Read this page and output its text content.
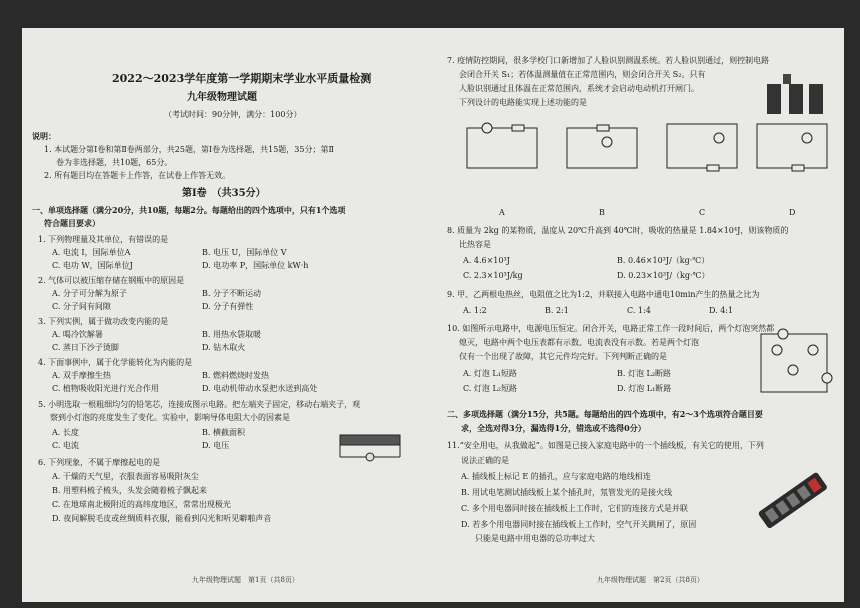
2022～2023学年度第一学期期末学业水平质量检测
九年级物理试题
（考试时间：90分钟，满分：100分）
说明：
1. 本试题分第Ⅰ卷和第Ⅱ卷两部分，共25题，第Ⅰ卷为选择题，共15题，35分；第Ⅱ
卷为非选择题，共10题，65分。
2. 所有题目均在答题卡上作答，在试卷上作答无效。
第Ⅰ卷　（共35分）
一、单项选择题（满分20分，共10题，每题2分。每题给出的四个选项中，只有1个选项
符合题目要求）
1. 下列物理量及其单位，有错误的是
A. 电流 I，国际单位A	B. 电压 U，国际单位 V
C. 电功 W，国际单位J	D. 电功率 P，国际单位 kW·h
2. 气体可以被压缩存储在钢瓶中的原因是
A. 分子可分解为原子	B. 分子不断运动
C. 分子间有间隙	D. 分子有弹性
3. 下列实例，属于做功改变内能的是
A. 喝冷饮解暑	B. 用热水袋取暖
C. 蒸日下沙子烫脚	D. 钻木取火
4. 下面事例中，属于化学能转化为内能的是
A. 双手摩擦生热	B. 燃料燃烧时发热
C. 植物吸收阳光进行光合作用	D. 电动机带动水泵把水送到高处
5. 小明选取一根粗细均匀的铅笔芯，连接成图示电路。把左端夹子固定，移动右端夹子，观
察到小灯泡的亮度发生了变化。实验中，影响导体电阻大小的因素是
A. 长度	B. 横截面积
C. 电流	D. 电压
6. 下列现象，不属于摩擦起电的是
A. 干燥的天气里，衣服表面容易吸附灰尘
B. 用塑料梳子梳头，头发会随着梳子飘起来
C. 在地球南北极附近的高纬度地区，常常出现极光
D. 夜间解脱毛皮或丝绸质料衣服，能看到闪光和听见噼啪声音
九年级物理试题　第1页（共8页）
7. 疫情防控期间，很多学校门口新增加了人脸识别测温系统。若人脸识别通过，则控制电路
会闭合开关 S₁；若体温测量值在正常范围内，则会闭合开关 S₂。只有
人脸识别通过且体温在正常范围内，系统才会启动电动机打开闸门。
下列设计的电路能实现上述功能的是
A	B	C	D
8. 质量为 2kg 的某物质，温度从 20℃升高到 40℃时，吸收的热量是 1.84×10⁴J，则该物质的
比热容是
A. 4.6×10³J	B. 0.46×10³J/（kg·℃）
C. 2.3×10³J/kg	D. 0.23×10³J/（kg·℃）
9. 甲、乙两根电热丝，电阻值之比为1:2，并联接入电路中通电10min产生的热量之比为
A. 1:2	B. 2:1	C. 1:4	D. 4:1
10. 如图所示电路中，电源电压恒定。闭合开关，电路正常工作一段时间后，两个灯泡突然都
熄灭，电路中两个电压表都有示数、电流表没有示数。若是两个灯泡
仅有一个出现了故障，其它元件均完好。下列判断正确的是
A. 灯泡 L₁短路	B. 灯泡 L₂断路
C. 灯泡 L₂短路	D. 灯泡 L₁断路
二、多项选择题（满分15分，共5题。每题给出的四个选项中，有2～3个选项符合题目要
求，全选对得3分，漏选得1分，错选或不选得0分）
11.“安全用电，从我做起”。如图是已接入家庭电路中的一个插线板，有关它的使用，下列
说法正确的是
A. 插线板上标记 E 的插孔，应与家庭电路的地线相连
B. 用试电笔测试插线板上某个插孔时，氖管发光的是接火线
C. 多个用电器同时接在插线板上工作时，它们的连接方式是并联
D. 若多个用电器同时接在插线板上工作时，空气开关跳闸了，原因
只能是电路中用电器的总功率过大
九年级物理试题　第2页（共8页）
